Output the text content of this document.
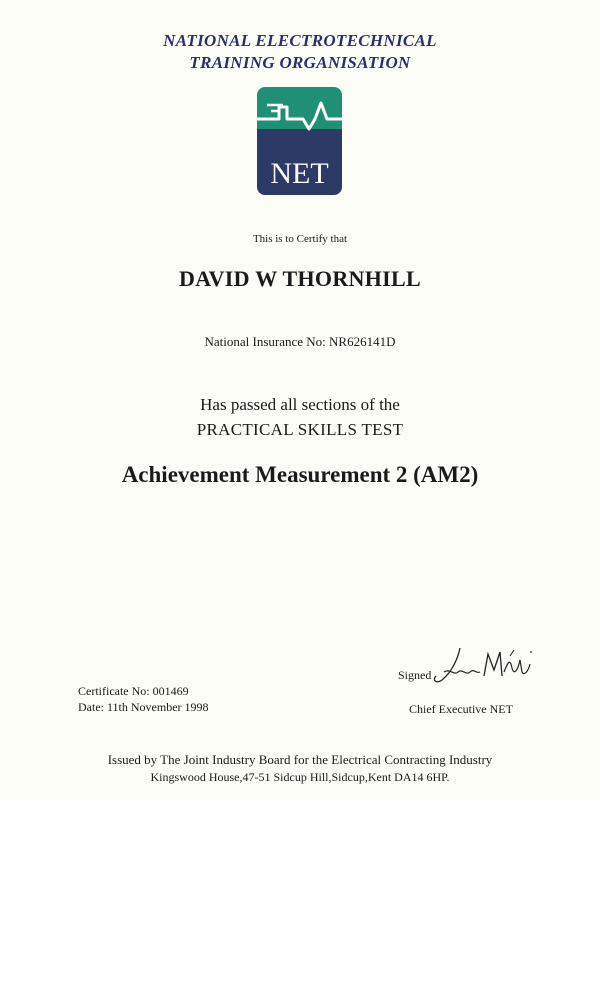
NATIONAL ELECTROTECHNICAL
TRAINING ORGANISATION
NET
This is to Certify that
DAVID W THORNHILL
National Insurance No: NR626141D
Has passed all sections of the
PRACTICAL SKILLS TEST
Achievement Measurement 2 (AM2)
Signed
Chief Executive NET
Certificate No: 001469
Date: 11th November 1998
Issued by The Joint Industry Board for the Electrical Contracting Industry
Kingswood House,47-51 Sidcup Hill,Sidcup,Kent DA14 6HP.
